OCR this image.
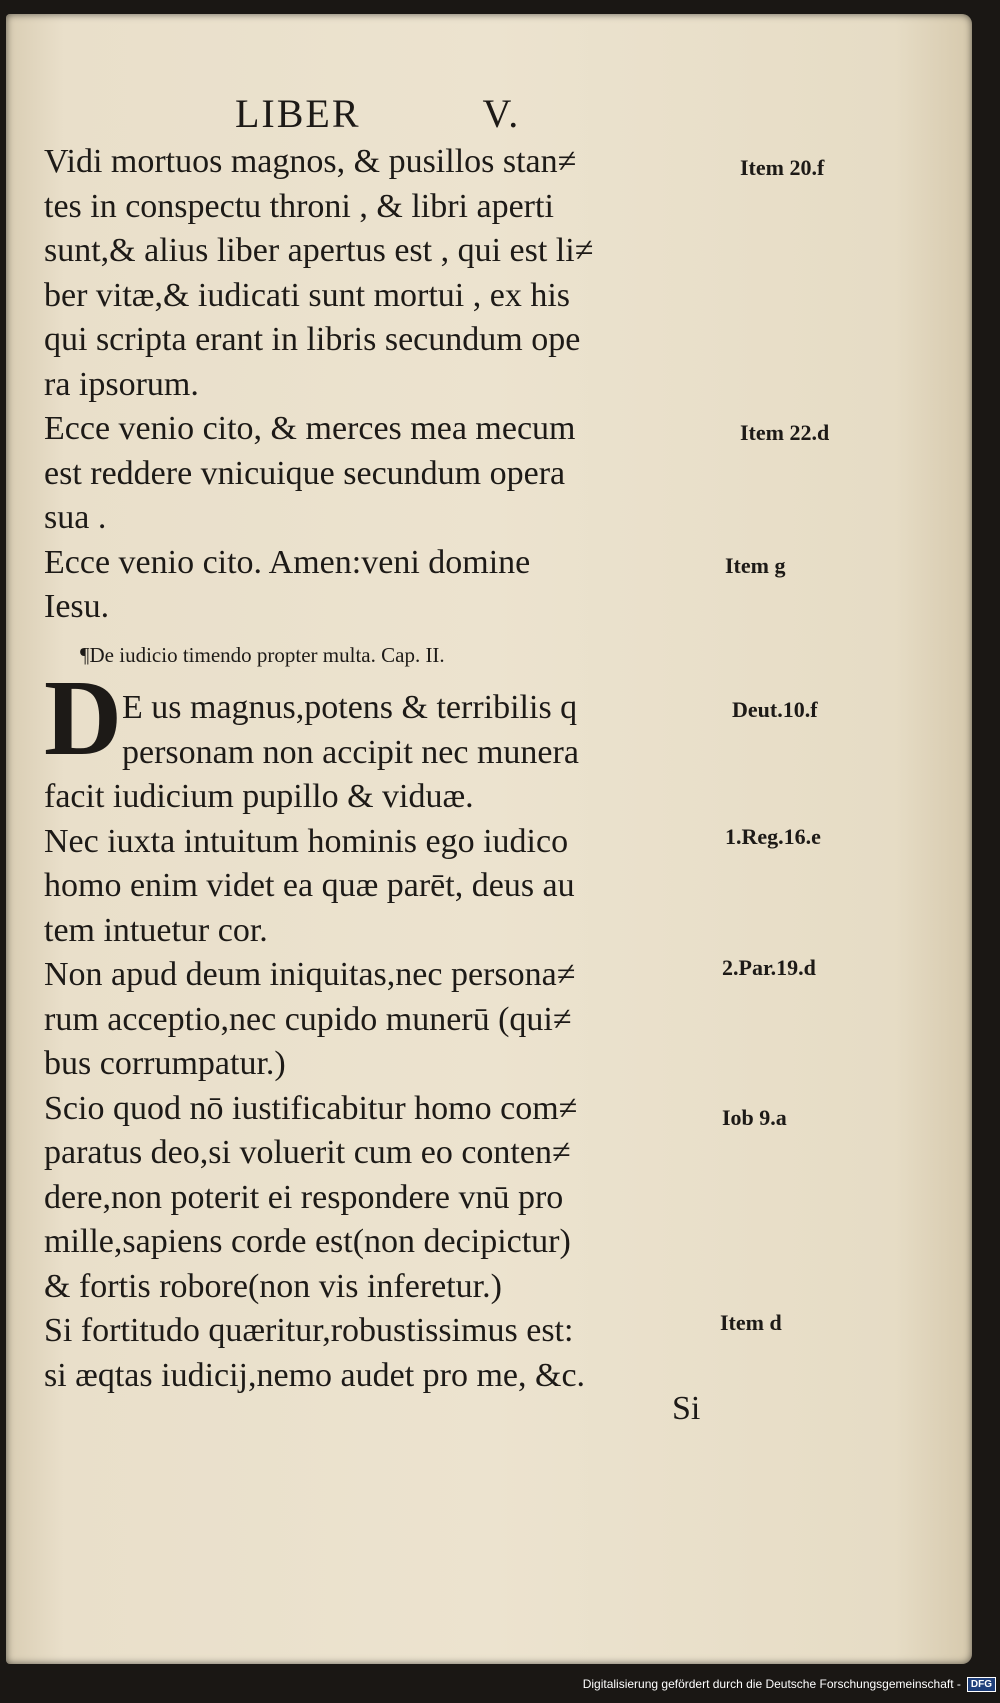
LIBER	V.
Vidi mortuos magnos, & pusillos stan≠
tes in conspectu throni , & libri aperti
sunt,& alius liber apertus est , qui est li≠
ber vitæ,& iudicati sunt mortui , ex his
qui scripta erant in libris secundum ope
ra ipsorum.
Ecce venio cito, & merces mea mecum
est reddere vnicuique secundum opera
sua .
Ecce venio cito. Amen:veni domine
Iesu.
¶De iudicio timendo propter multa. Cap. II.
D E us magnus,potens & terribilis q
personam non accipit nec munera
facit iudicium pupillo & viduæ.
Nec iuxta intuitum hominis ego iudico
homo enim videt ea quæ parēt, deus au
tem intuetur cor.
Non apud deum iniquitas,nec persona≠
rum acceptio,nec cupido munerū (qui≠
bus corrumpatur.)
Scio quod nō iustificabitur homo com≠
paratus deo,si voluerit cum eo conten≠
dere,non poterit ei respondere vnū pro
mille,sapiens corde est(non decipictur)
& fortis robore(non vis inferetur.)
Si fortitudo quæritur,robustissimus est:
si æqtas iudicij,nemo audet pro me, &c.
Item 20.f
Item 22.d
Item g
Deut.10.f
1.Reg.16.e
2.Par.19.d
Iob 9.a
Item d
Si
Digitalisierung gefördert durch die Deutsche Forschungsgemeinschaft -	DFG
